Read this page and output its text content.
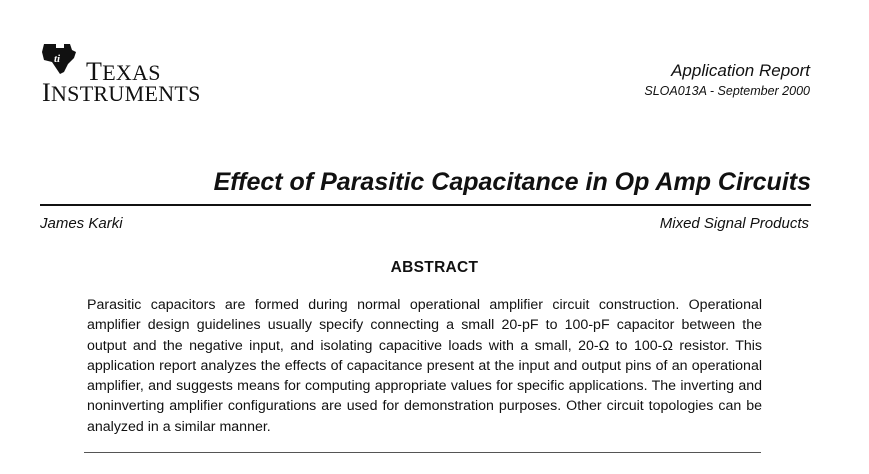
ti TEXAS
INSTRUMENTS
Application Report
SLOA013A - September 2000
Effect of Parasitic Capacitance in Op Amp Circuits
James Karki	Mixed Signal Products
ABSTRACT

Parasitic capacitors are formed during normal operational amplifier circuit construction. Operational amplifier design guidelines usually specify connecting a small 20-pF to 100-pF capacitor between the output and the negative input, and isolating capacitive loads with a small, 20-Ω to 100-Ω resistor. This application report analyzes the effects of capacitance present at the input and output pins of an operational amplifier, and suggests means for computing appropriate values for specific applications. The inverting and noninverting amplifier configurations are used for demonstration purposes. Other circuit topologies can be analyzed in a similar manner.
